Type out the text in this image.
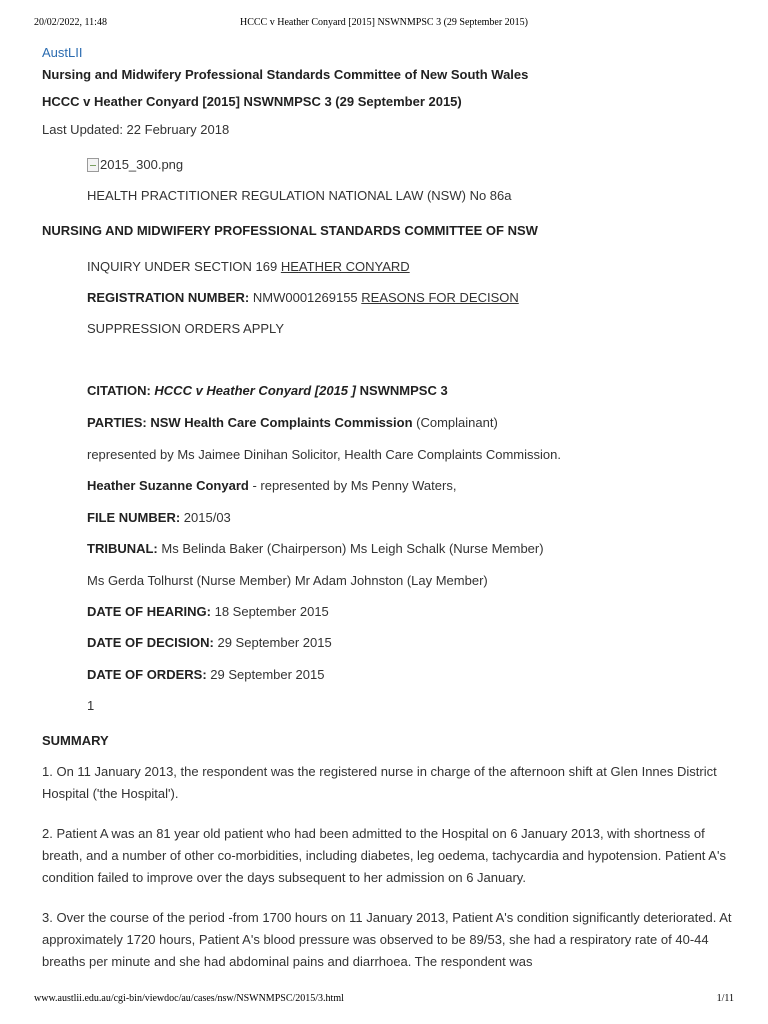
20/02/2022, 11:48	HCCC v Heather Conyard [2015] NSWNMPSC 3 (29 September 2015)
AustLII
Nursing and Midwifery Professional Standards Committee of New South Wales
HCCC v Heather Conyard [2015] NSWNMPSC 3 (29 September 2015)
Last Updated: 22 February 2018
2015_300.png
HEALTH PRACTITIONER REGULATION NATIONAL LAW (NSW) No 86a
NURSING AND MIDWIFERY PROFESSIONAL STANDARDS COMMITTEE OF NSW
INQUIRY UNDER SECTION 169 HEATHER CONYARD
REGISTRATION NUMBER: NMW0001269155 REASONS FOR DECISON
SUPPRESSION ORDERS APPLY
CITATION: HCCC v Heather Conyard [2015 ] NSWNMPSC 3
PARTIES: NSW Health Care Complaints Commission (Complainant)
represented by Ms Jaimee Dinihan Solicitor, Health Care Complaints Commission.
Heather Suzanne Conyard - represented by Ms Penny Waters,
FILE NUMBER: 2015/03
TRIBUNAL: Ms Belinda Baker (Chairperson) Ms Leigh Schalk (Nurse Member)
Ms Gerda Tolhurst (Nurse Member) Mr Adam Johnston (Lay Member)
DATE OF HEARING: 18 September 2015
DATE OF DECISION: 29 September 2015
DATE OF ORDERS: 29 September 2015
1
SUMMARY
1. On 11 January 2013, the respondent was the registered nurse in charge of the afternoon shift at Glen Innes District Hospital ('the Hospital').
2. Patient A was an 81 year old patient who had been admitted to the Hospital on 6 January 2013, with shortness of breath, and a number of other co-morbidities, including diabetes, leg oedema, tachycardia and hypotension. Patient A's condition failed to improve over the days subsequent to her admission on 6 January.
3. Over the course of the period -from 1700 hours on 11 January 2013, Patient A's condition significantly deteriorated. At approximately 1720 hours, Patient A's blood pressure was observed to be 89/53, she had a respiratory rate of 40-44 breaths per minute and she had abdominal pains and diarrhoea. The respondent was
www.austlii.edu.au/cgi-bin/viewdoc/au/cases/nsw/NSWNMPSC/2015/3.html	1/11
